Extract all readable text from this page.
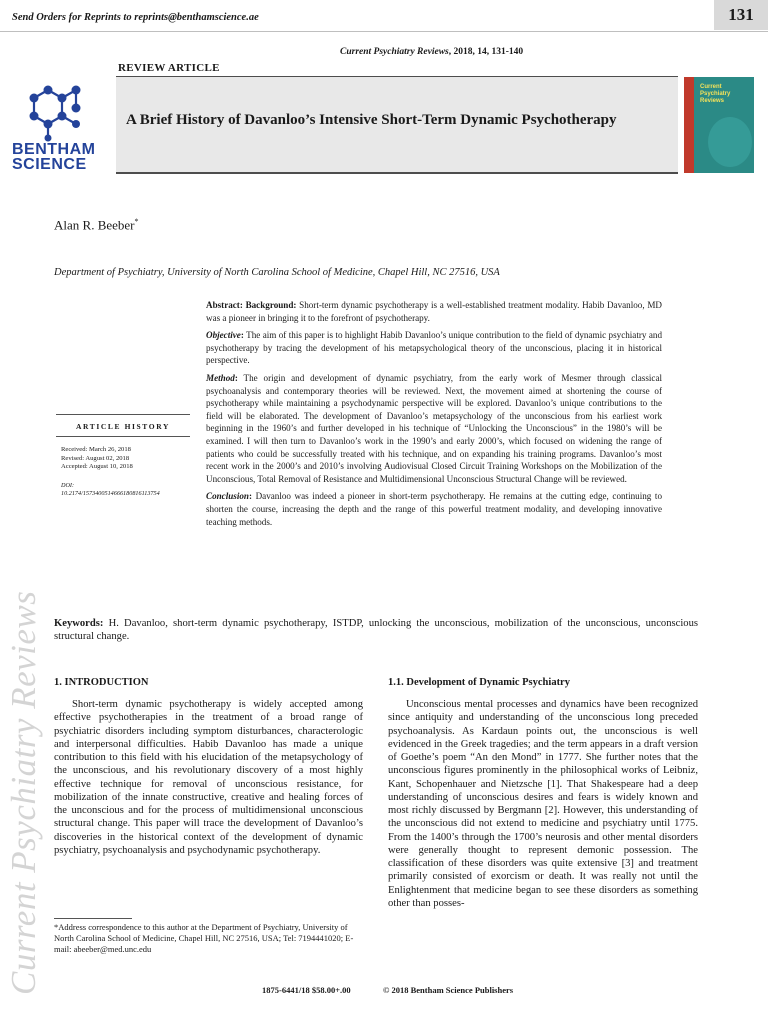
Send Orders for Reprints to reprints@benthamscience.ae	131
Current Psychiatry Reviews, 2018, 14, 131-140
REVIEW ARTICLE
A Brief History of Davanloo’s Intensive Short-Term Dynamic Psychotherapy
BENTHAM
SCIENCE
Current
Psychiatry
Reviews
Alan R. Beeber*
Department of Psychiatry, University of North Carolina School of Medicine, Chapel Hill, NC 27516, USA
Current Psychiatry Reviews
ARTICLE HISTORY
Received: March 26, 2018
Revised: August 02, 2018
Accepted: August 10, 2018
DOI:
10.2174/1573400514666180816113754

Abstract: Background: Short-term dynamic psychotherapy is a well-established treatment modality. Habib Davanloo, MD was a pioneer in bringing it to the forefront of psychotherapy.

Objective: The aim of this paper is to highlight Habib Davanloo’s unique contribution to the field of dynamic psychiatry and psychotherapy by tracing the development of his metapsychological theory of the unconscious, placing it in historical perspective.

Method: The origin and development of dynamic psychiatry, from the early work of Mesmer through classical psychoanalysis and contemporary theories will be reviewed. Next, the movement aimed at shortening the course of psychotherapy while maintaining a psychodynamic perspective will be explored. Davanloo’s unique contributions to the field will be elaborated. The development of Davanloo’s metapsychology of the unconscious from his earliest work beginning in the 1960’s and further developed in his technique of “Unlocking the Unconscious” in the 1980’s will be examined. I will then turn to Davanloo’s work in the 1990’s and early 2000’s, which focused on widening the range of patients who could be successfully treated with his technique, and on expanding his training programs. Davanloo’s most recent work in the 2000’s and 2010’s involving Audiovisual Closed Circuit Training Workshops on the Mobilization of the Unconscious, Total Removal of Resistance and Multidimensional Unconscious Structural Change will be reviewed.

Conclusion: Davanloo was indeed a pioneer in short-term psychotherapy. He remains at the cutting edge, continuing to shorten the course, increasing the depth and the range of this powerful treatment modality, and developing innovative teaching methods.

Keywords: H. Davanloo, short-term dynamic psychotherapy, ISTDP, unlocking the unconscious, mobilization of the unconscious, unconscious structural change.
1. INTRODUCTION
Short-term dynamic psychotherapy is widely accepted among effective psychotherapies in the treatment of a broad range of psychiatric disorders including symptom disturbances, characterologic and interpersonal difficulties. Habib Davanloo has made a unique contribution to this field with his elucidation of the metapsychology of the unconscious, and his revolutionary discovery of a most highly effective technique for removal of unconscious resistance, for mobilization of the innate constructive, creative and healing forces of the unconscious and for the process of multidimensional unconscious structural change. This paper will trace the development of Davanloo’s discoveries in the historical context of the development of dynamic psychiatry, psychoanalysis and psychodynamic psychotherapy.
*Address correspondence to this author at the Department of Psychiatry, University of North Carolina School of Medicine, Chapel Hill, NC 27516, USA; Tel: 7194441020; E-mail: abeeber@med.unc.edu
1.1. Development of Dynamic Psychiatry
Unconscious mental processes and dynamics have been recognized since antiquity and understanding of the unconscious long preceded psychoanalysis. As Kardaun points out, the unconscious is well evidenced in the Greek tragedies; and the term appears in a draft version of Goethe’s poem “An den Mond” in 1777. She further notes that the unconscious figures prominently in the philosophical works of Leibniz, Kant, Schopenhauer and Nietzsche [1]. That Shakespeare had a deep understanding of unconscious desires and fears is widely known and most richly discussed by Bergmann [2]. However, this understanding of the unconscious did not extend to medicine and psychiatry until 1775. From the 1400’s through the 1700’s neurosis and other mental disorders were generally thought to represent demonic possession. The classification of these disorders was quite extensive [3] and treatment primarily consisted of exorcism or death. It was really not until the Enlightenment that medicine began to see these disorders as something other than posses-
1875-6441/18 $58.00+.00	© 2018 Bentham Science Publishers
